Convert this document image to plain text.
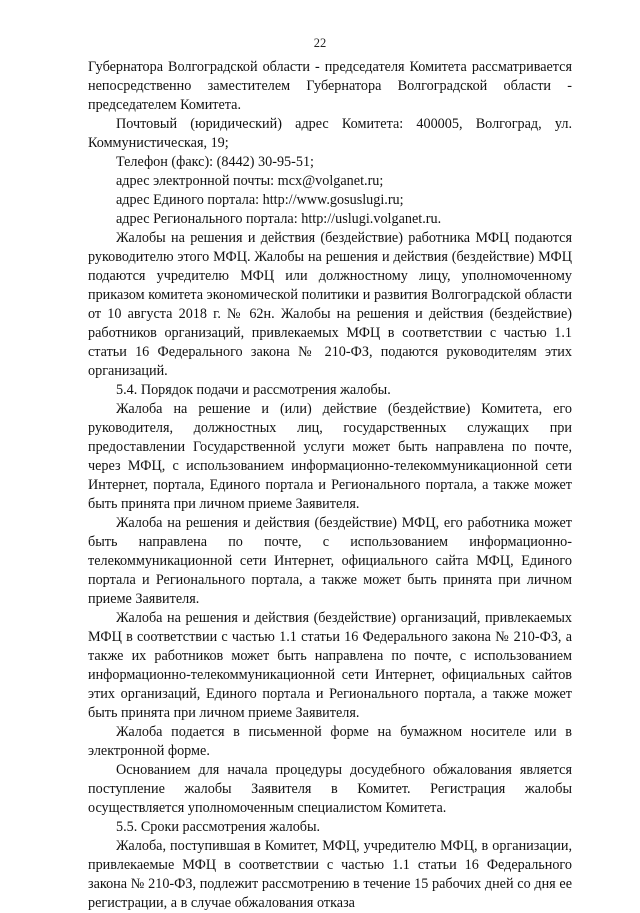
22

Губернатора Волгоградской области - председателя Комитета рассматривается непосредственно заместителем Губернатора Волгоградской области - председателем Комитета.

Почтовый (юридический) адрес Комитета: 400005, Волгоград, ул. Коммунистическая, 19;

Телефон (факс): (8442) 30-95-51;

адрес электронной почты: mcx@volganet.ru;

адрес Единого портала: http://www.gosuslugi.ru;

адрес Регионального портала: http://uslugi.volganet.ru.

Жалобы на решения и действия (бездействие) работника МФЦ подаются руководителю этого МФЦ. Жалобы на решения и действия (бездействие) МФЦ подаются учредителю МФЦ или должностному лицу, уполномоченному приказом комитета экономической политики и развития Волгоградской области от 10 августа 2018 г. № 62н. Жалобы на решения и действия (бездействие) работников организаций, привлекаемых МФЦ в соответствии с частью 1.1 статьи 16 Федерального закона № 210-ФЗ, подаются руководителям этих организаций.

5.4. Порядок подачи и рассмотрения жалобы.

Жалоба на решение и (или) действие (бездействие) Комитета, его руководителя, должностных лиц, государственных служащих при предоставлении Государственной услуги может быть направлена по почте, через МФЦ, с использованием информационно-телекоммуникационной сети Интернет, портала, Единого портала и Регионального портала, а также может быть принята при личном приеме Заявителя.

Жалоба на решения и действия (бездействие) МФЦ, его работника может быть направлена по почте, с использованием информационно-телекоммуникационной сети Интернет, официального сайта МФЦ, Единого портала и Регионального портала, а также может быть принята при личном приеме Заявителя.

Жалоба на решения и действия (бездействие) организаций, привлекаемых МФЦ в соответствии с частью 1.1 статьи 16 Федерального закона № 210-ФЗ, а также их работников может быть направлена по почте, с использованием информационно-телекоммуникационной сети Интернет, официальных сайтов этих организаций, Единого портала и Регионального портала, а также может быть принята при личном приеме Заявителя.

Жалоба подается в письменной форме на бумажном носителе или в электронной форме.

Основанием для начала процедуры досудебного обжалования является поступление жалобы Заявителя в Комитет. Регистрация жалобы осуществляется уполномоченным специалистом Комитета.

5.5. Сроки рассмотрения жалобы.

Жалоба, поступившая в Комитет, МФЦ, учредителю МФЦ, в организации, привлекаемые МФЦ в соответствии с частью 1.1 статьи 16 Федерального закона № 210-ФЗ, подлежит рассмотрению в течение 15 рабочих дней со дня ее регистрации, а в случае обжалования отказа
